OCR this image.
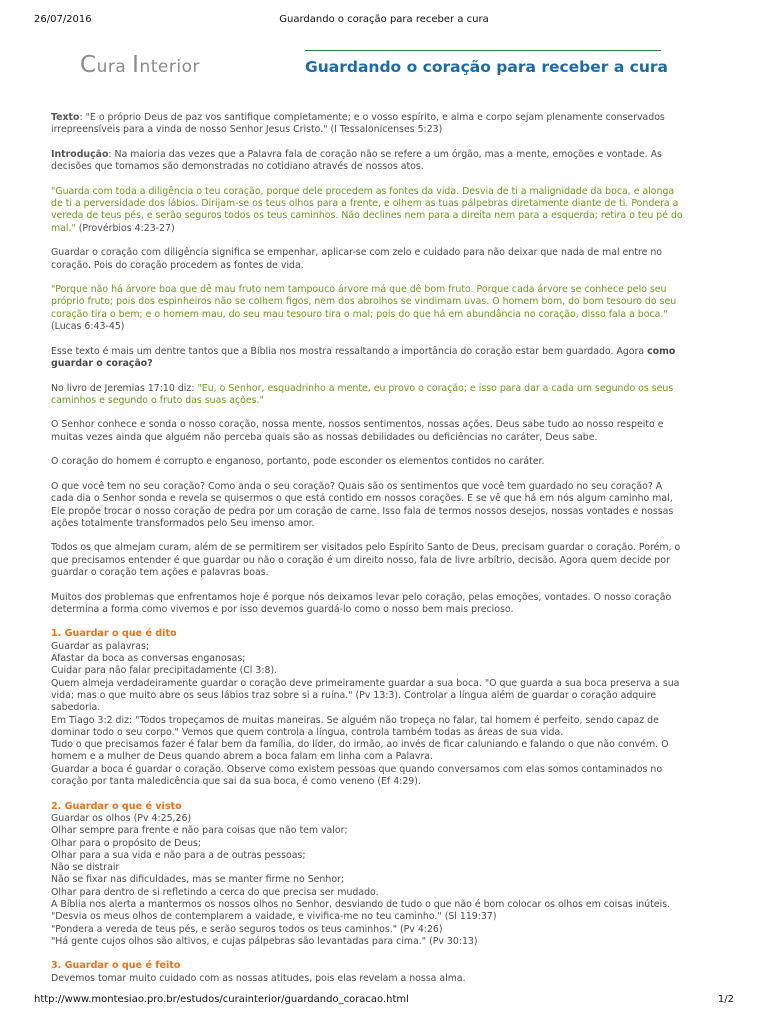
26/07/2016	Guardando o coração para receber a cura
Cura Interior	Guardando o coração para receber a cura

Texto: "E o próprio Deus de paz vos santifique completamente; e o vosso espírito, e alma e corpo sejam plenamente conservados irrepreensíveis para a vinda de nosso Senhor Jesus Cristo." (I Tessalonicenses 5:23)

Introdução: Na maioria das vezes que a Palavra fala de coração não se refere a um órgão, mas a mente, emoções e vontade. As decisões que tomamos são demonstradas no cotidiano através de nossos atos.

"Guarda com toda a diligência o teu coração, porque dele procedem as fontes da vida. Desvia de ti a malignidade da boca, e alonga de ti a perversidade dos lábios. Dirijam-se os teus olhos para a frente, e olhem as tuas pálpebras diretamente diante de ti. Pondera a vereda de teus pés, e serão seguros todos os teus caminhos. Não declines nem para a direita nem para a esquerda; retira o teu pé do mal." (Provérbios 4:23-27)

Guardar o coração com diligência significa se empenhar, aplicar-se com zelo e cuidado para não deixar que nada de mal entre no coração. Pois do coração procedem as fontes de vida.

"Porque não há árvore boa que dê mau fruto nem tampouco árvore má que dê bom fruto. Porque cada árvore se conhece pelo seu próprio fruto; pois dos espinheiros não se colhem figos, nem dos abrolhos se vindimam uvas. O homem bom, do bom tesouro do seu coração tira o bem; e o homem mau, do seu mau tesouro tira o mal; pois do que há em abundância no coração, disso fala a boca." (Lucas 6:43-45)

Esse texto é mais um dentre tantos que a Bíblia nos mostra ressaltando a importância do coração estar bem guardado. Agora como guardar o coração?

No livro de Jeremias 17:10 diz: "Eu, o Senhor, esquadrinho a mente, eu provo o coração; e isso para dar a cada um segundo os seus caminhos e segundo o fruto das suas ações."

O Senhor conhece e sonda o nosso coração, nossa mente, nossos sentimentos, nossas ações. Deus sabe tudo ao nosso respeito e muitas vezes ainda que alguém não perceba quais são as nossas debilidades ou deficiências no caráter, Deus sabe.

O coração do homem é corrupto e enganoso, portanto, pode esconder os elementos contidos no caráter.

O que você tem no seu coração? Como anda o seu coração? Quais são os sentimentos que você tem guardado no seu coração? A cada dia o Senhor sonda e revela se quisermos o que está contido em nossos corações. E se vê que há em nós algum caminho mal, Ele propõe trocar o nosso coração de pedra por um coração de carne. Isso fala de termos nossos desejos, nossas vontades e nossas ações totalmente transformados pelo Seu imenso amor.

Todos os que almejam curam, além de se permitirem ser visitados pelo Espírito Santo de Deus, precisam guardar o coração. Porém, o que precisamos entender é que guardar ou não o coração é um direito nosso, fala de livre arbítrio, decisão. Agora quem decide por guardar o coração tem ações e palavras boas.

Muitos dos problemas que enfrentamos hoje é porque nós deixamos levar pelo coração, pelas emoções, vontades. O nosso coração determina a forma como vivemos e por isso devemos guardá-lo como o nosso bem mais precioso.

1. Guardar o que é dito
Guardar as palavras;
Afastar da boca as conversas enganosas;
Cuidar para não falar precipitadamente (Cl 3:8).
Quem almeja verdadeiramente guardar o coração deve primeiramente guardar a sua boca. "O que guarda a sua boca preserva a sua vida; mas o que muito abre os seus lábios traz sobre si a ruína." (Pv 13:3). Controlar a língua além de guardar o coração adquire sabedoria.
Em Tiago 3:2 diz: "Todos tropeçamos de muitas maneiras. Se alguém não tropeça no falar, tal homem é perfeito, sendo capaz de dominar todo o seu corpo." Vemos que quem controla a língua, controla também todas as áreas de sua vida.
Tudo o que precisamos fazer é falar bem da família, do líder, do irmão, ao invés de ficar caluniando e falando o que não convém. O homem e a mulher de Deus quando abrem a boca falam em linha com a Palavra.
Guardar a boca é guardar o coração. Observe como existem pessoas que quando conversamos com elas somos contaminados no coração por tanta maledicência que sai da sua boca, é como veneno (Ef 4:29).
2. Guardar o que é visto
Guardar os olhos (Pv 4:25,26)
Olhar sempre para frente e não para coisas que não tem valor;
Olhar para o propósito de Deus;
Olhar para a sua vida e não para a de outras pessoas;
Não se distrair
Não se fixar nas dificuldades, mas se manter firme no Senhor;
Olhar para dentro de si refletindo a cerca do que precisa ser mudado.
A Bíblia nos alerta a mantermos os nossos olhos no Senhor, desviando de tudo o que não é bom colocar os olhos em coisas inúteis.
"Desvia os meus olhos de contemplarem a vaidade, e vivifica-me no teu caminho." (Sl 119:37)
"Pondera a vereda de teus pés, e serão seguros todos os teus caminhos." (Pv 4:26)
"Há gente cujos olhos são altivos, e cujas pálpebras são levantadas para cima." (Pv 30:13)
3. Guardar o que é feito
Devemos tomar muito cuidado com as nossas atitudes, pois elas revelam a nossa alma.
http://www.montesiao.pro.br/estudos/curainterior/guardando_coracao.html	1/2
